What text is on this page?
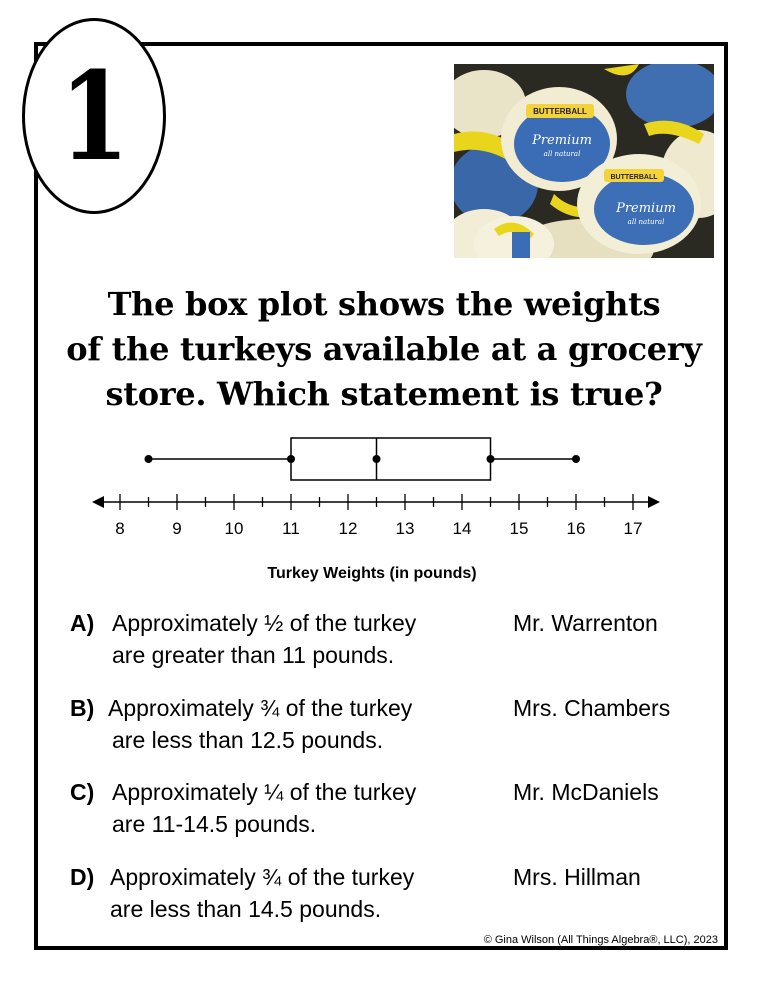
1	BUTTERBALL
Premium
all natural
BUTTERBALL
Premium
all natural
The box plot shows the weights
of the turkeys available at a grocery
store. Which statement is true?
8	9	10 11 12 13 14 15 16 17
Turkey Weights (in pounds)
A) Approximately ½ of the turkey
are greater than 11 pounds.
Mr. Warrenton
B) Approximately ¾ of the turkey
are less than 12.5 pounds.
Mrs. Chambers
C) Approximately ¼ of the turkey
are 11-14.5 pounds.
Mr. McDaniels
D) Approximately ¾ of the turkey
are less than 14.5 pounds.
Mrs. Hillman
© Gina Wilson (All Things Algebra®, LLC), 2023
